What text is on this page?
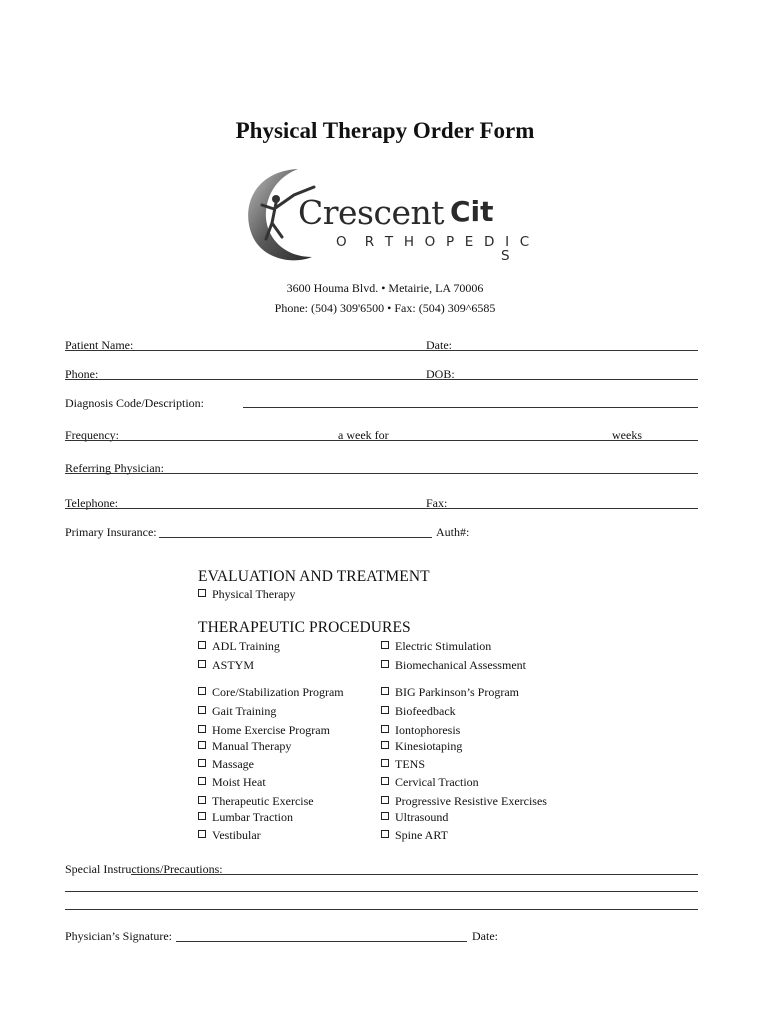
Physical Therapy Order Form
Crescent Cit
O  R T H O P E D I C
S
3600 Houma Blvd. • Metairie, LA 70006
Phone: (504) 309'6500 • Fax: (504) 309^6585
Patient Name:	Date:
Phone:	DOB:
Diagnosis Code/Description:
Frequency:	a week for	weeks
Referring Physician:
Telephone:	Fax:
Primary Insurance:	Auth#:
EVALUATION AND TREATMENT
Physical Therapy
THERAPEUTIC PROCEDURES
ADL Training
ASTYM
Core/Stabilization Program
Gait Training
Home Exercise Program
Manual Therapy
Massage
Moist Heat
Therapeutic Exercise
Lumbar Traction
Vestibular
Electric Stimulation
Biomechanical Assessment
BIG Parkinson’s Program
Biofeedback
Iontophoresis
Kinesiotaping
TENS
Cervical Traction
Progressive Resistive Exercises
Ultrasound
Spine ART
Special Instructions/Precautions:
Physician’s Signature:	Date:
